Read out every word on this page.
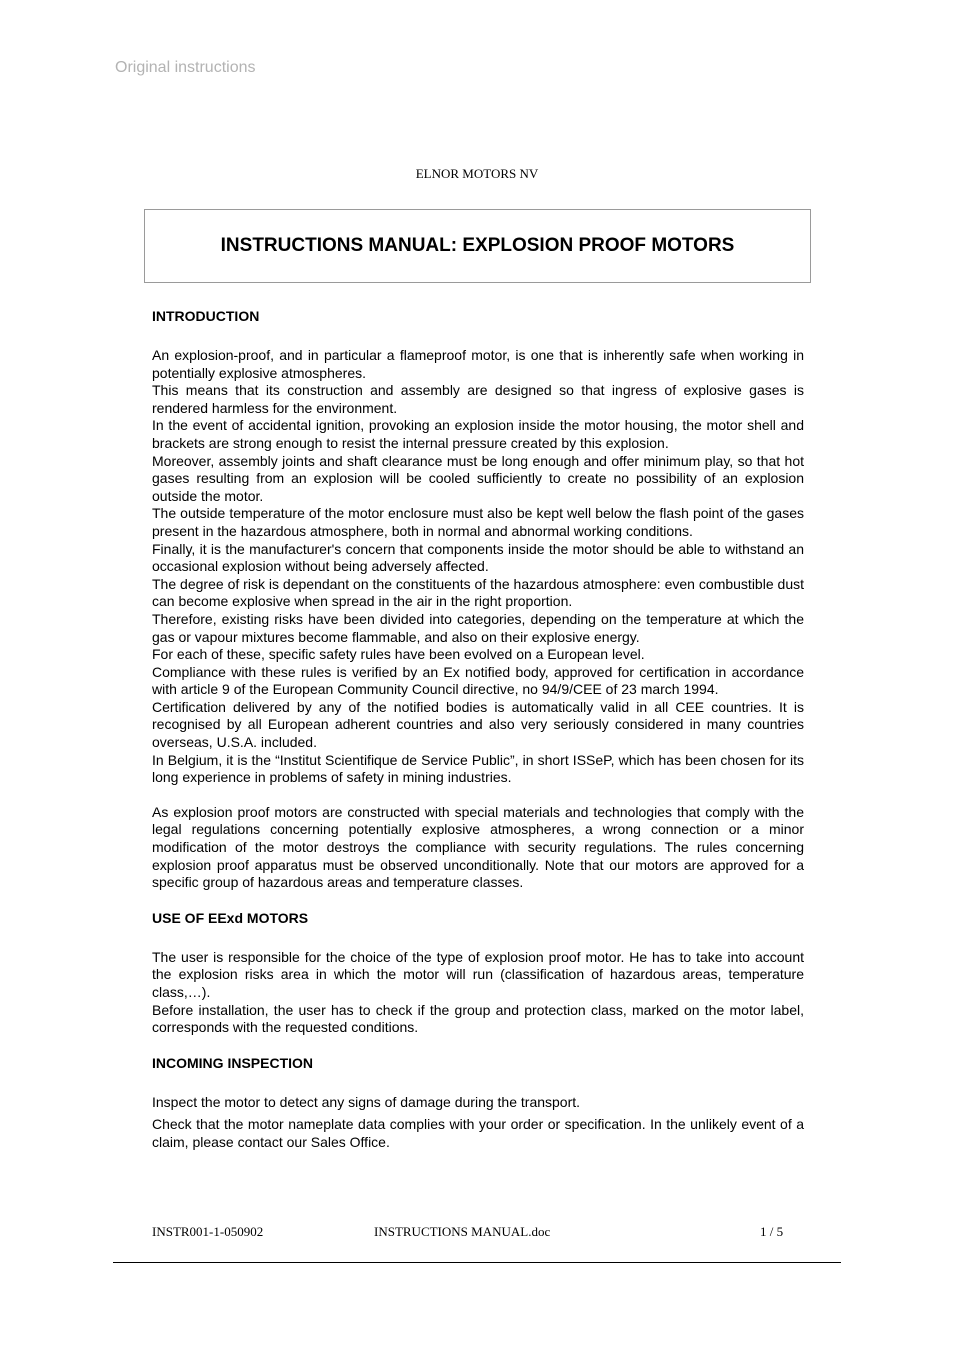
Original instructions
ELNOR MOTORS NV
INSTRUCTIONS MANUAL: EXPLOSION PROOF MOTORS
INTRODUCTION

An explosion-proof, and in particular a flameproof motor, is one that is inherently safe when working in potentially explosive atmospheres.

This means that its construction and assembly are designed so that ingress of explosive gases is rendered harmless for the environment.

In the event of accidental ignition, provoking an explosion inside the motor housing, the motor shell and brackets are strong enough to resist the internal pressure created by this explosion.

Moreover, assembly joints and shaft clearance must be long enough and offer minimum play, so that hot gases resulting from an explosion will be cooled sufficiently to create no possibility of an explosion outside the motor.

The outside temperature of the motor enclosure must also be kept well below the flash point of the gases present in the hazardous atmosphere, both in normal and abnormal working conditions.

Finally, it is the manufacturer's concern that components inside the motor should be able to withstand an occasional explosion without being adversely affected.

The degree of risk is dependant on the constituents of the hazardous atmosphere: even combustible dust can become explosive when spread in the air in the right proportion.

Therefore, existing risks have been divided into categories, depending on the temperature at which the gas or vapour mixtures become flammable, and also on their explosive energy.

For each of these, specific safety rules have been evolved on a European level.

Compliance with these rules is verified by an Ex notified body, approved for certification in accordance with article 9 of the European Community Council directive, no 94/9/CEE of 23 march 1994.

Certification delivered by any of the notified bodies is automatically valid in all CEE countries. It is recognised by all European adherent countries and also very seriously considered in many countries overseas, U.S.A. included.

In Belgium, it is the “Institut Scientifique de Service Public”, in short ISSeP, which has been chosen for its long experience in problems of safety in mining industries.

As explosion proof motors are constructed with special materials and technologies that comply with the legal regulations concerning potentially explosive atmospheres, a wrong connection or a minor modification of the motor destroys the compliance with security regulations. The rules concerning explosion proof apparatus must be observed unconditionally. Note that our motors are approved for a specific group of hazardous areas and temperature classes.

USE OF EExd MOTORS

The user is responsible for the choice of the type of explosion proof motor. He has to take into account the explosion risks area in which the motor will run (classification of hazardous areas, temperature class,…).

Before installation, the user has to check if the group and protection class, marked on the motor label, corresponds with the requested conditions.

INCOMING INSPECTION

Inspect the motor to detect any signs of damage during the transport.

Check that the motor nameplate data complies with your order or specification. In the unlikely event of a claim, please contact our Sales Office.

INSTR001-1-050902	INSTRUCTIONS MANUAL.doc	1 / 5
